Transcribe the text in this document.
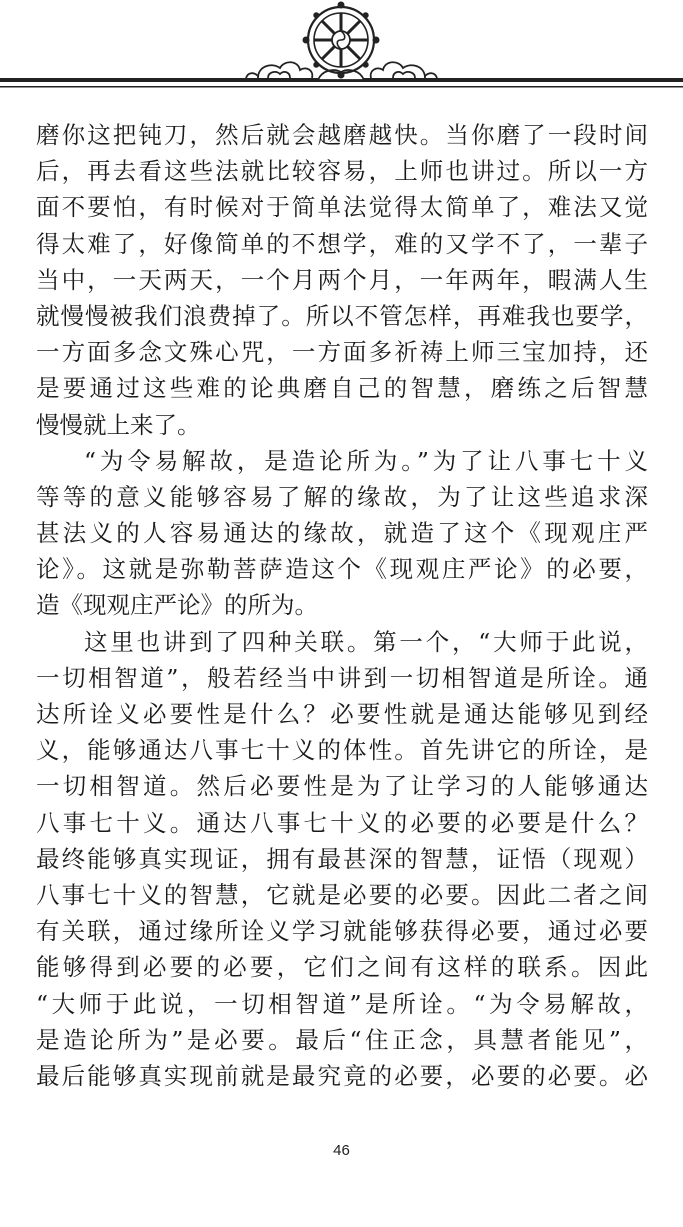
磨你这把钝刀，然后就会越磨越快。当你磨了一段时间
后，再去看这些法就比较容易，上师也讲过。所以一方
面不要怕，有时候对于简单法觉得太简单了，难法又觉
得太难了，好像简单的不想学，难的又学不了，一辈子
当中，一天两天，一个月两个月，一年两年，暇满人生
就慢慢被我们浪费掉了。所以不管怎样，再难我也要学，
一方面多念文殊心咒，一方面多祈祷上师三宝加持，还
是要通过这些难的论典磨自己的智慧，磨练之后智慧
慢慢就上来了。
“为令易解故，是造论所为。”为了让八事七十义
等等的意义能够容易了解的缘故，为了让这些追求深
甚法义的人容易通达的缘故，就造了这个《现观庄严
论》。这就是弥勒菩萨造这个《现观庄严论》的必要，
造《现观庄严论》的所为。
这里也讲到了四种关联。第一个，“大师于此说，
一切相智道”，般若经当中讲到一切相智道是所诠。通
达所诠义必要性是什么？必要性就是通达能够见到经
义，能够通达八事七十义的体性。首先讲它的所诠，是
一切相智道。然后必要性是为了让学习的人能够通达
八事七十义。通达八事七十义的必要的必要是什么？
最终能够真实现证，拥有最甚深的智慧，证悟（现观）
八事七十义的智慧，它就是必要的必要。因此二者之间
有关联，通过缘所诠义学习就能够获得必要，通过必要
能够得到必要的必要，它们之间有这样的联系。因此
“大师于此说，一切相智道”是所诠。“为令易解故，
是造论所为”是必要。最后“住正念，具慧者能见”，
最后能够真实现前就是最究竟的必要，必要的必要。必
46
